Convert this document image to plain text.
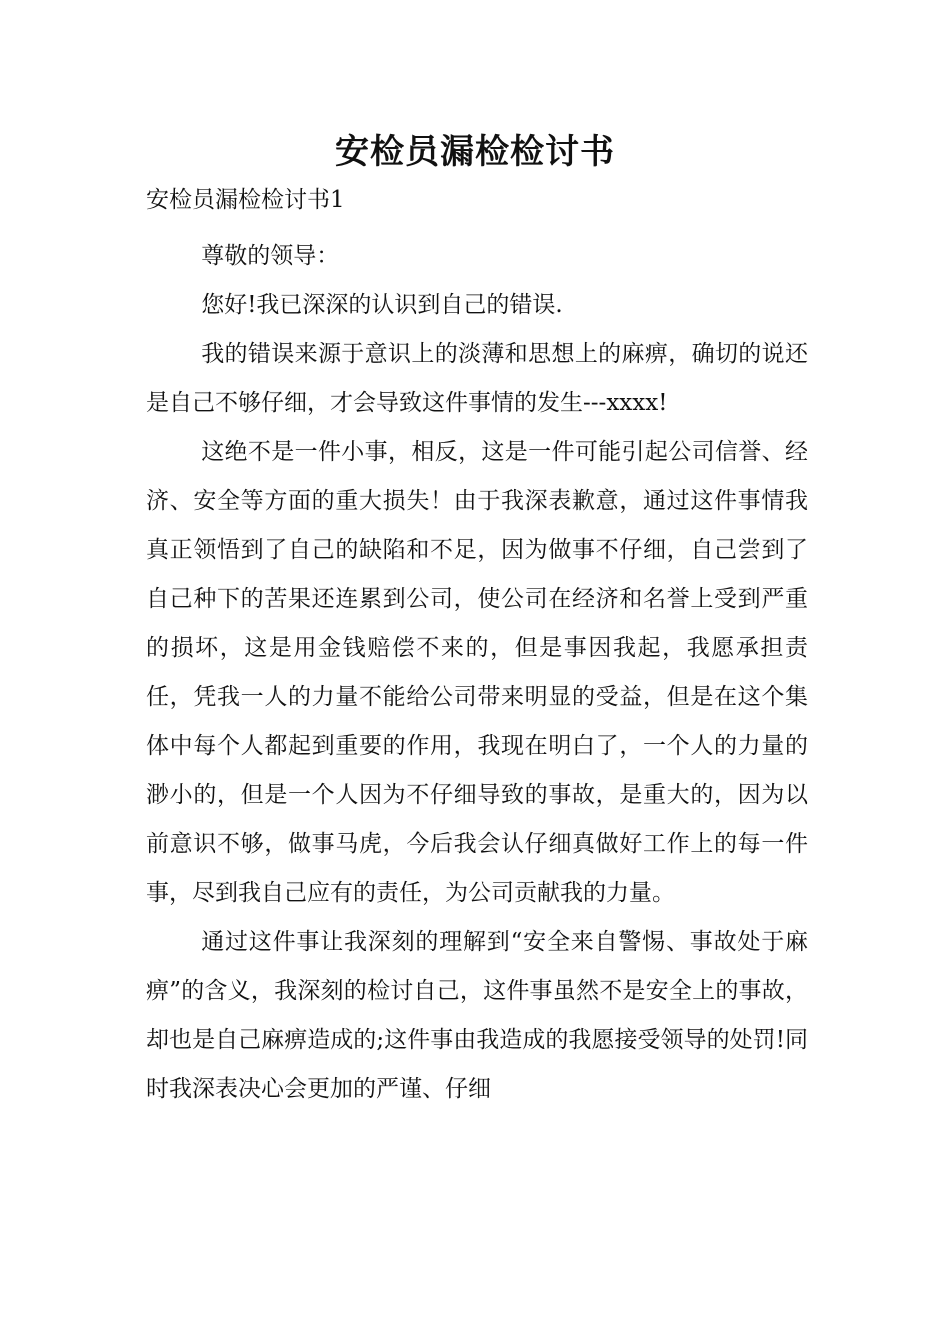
安检员漏检检讨书
安检员漏检检讨书1

尊敬的领导：

您好!我已深深的认识到自己的错误.

我的错误来源于意识上的淡薄和思想上的麻痹，确切的说还是自己不够仔细，才会导致这件事情的发生---xxxx!

这绝不是一件小事，相反，这是一件可能引起公司信誉、经济、安全等方面的重大损失！由于我深表歉意，通过这件事情我真正领悟到了自己的缺陷和不足，因为做事不仔细，自己尝到了自己种下的苦果还连累到公司，使公司在经济和名誉上受到严重的损坏，这是用金钱赔偿不来的，但是事因我起，我愿承担责任，凭我一人的力量不能给公司带来明显的受益，但是在这个集体中每个人都起到重要的作用，我现在明白了，一个人的力量的渺小的，但是一个人因为不仔细导致的事故，是重大的，因为以前意识不够，做事马虎，今后我会认仔细真做好工作上的每一件事，尽到我自己应有的责任，为公司贡献我的力量。

通过这件事让我深刻的理解到“安全来自警惕、事故处于麻痹”的含义，我深刻的检讨自己，这件事虽然不是安全上的事故，却也是自己麻痹造成的;这件事由我造成的我愿接受领导的处罚!同时我深表决心会更加的严谨、仔细
